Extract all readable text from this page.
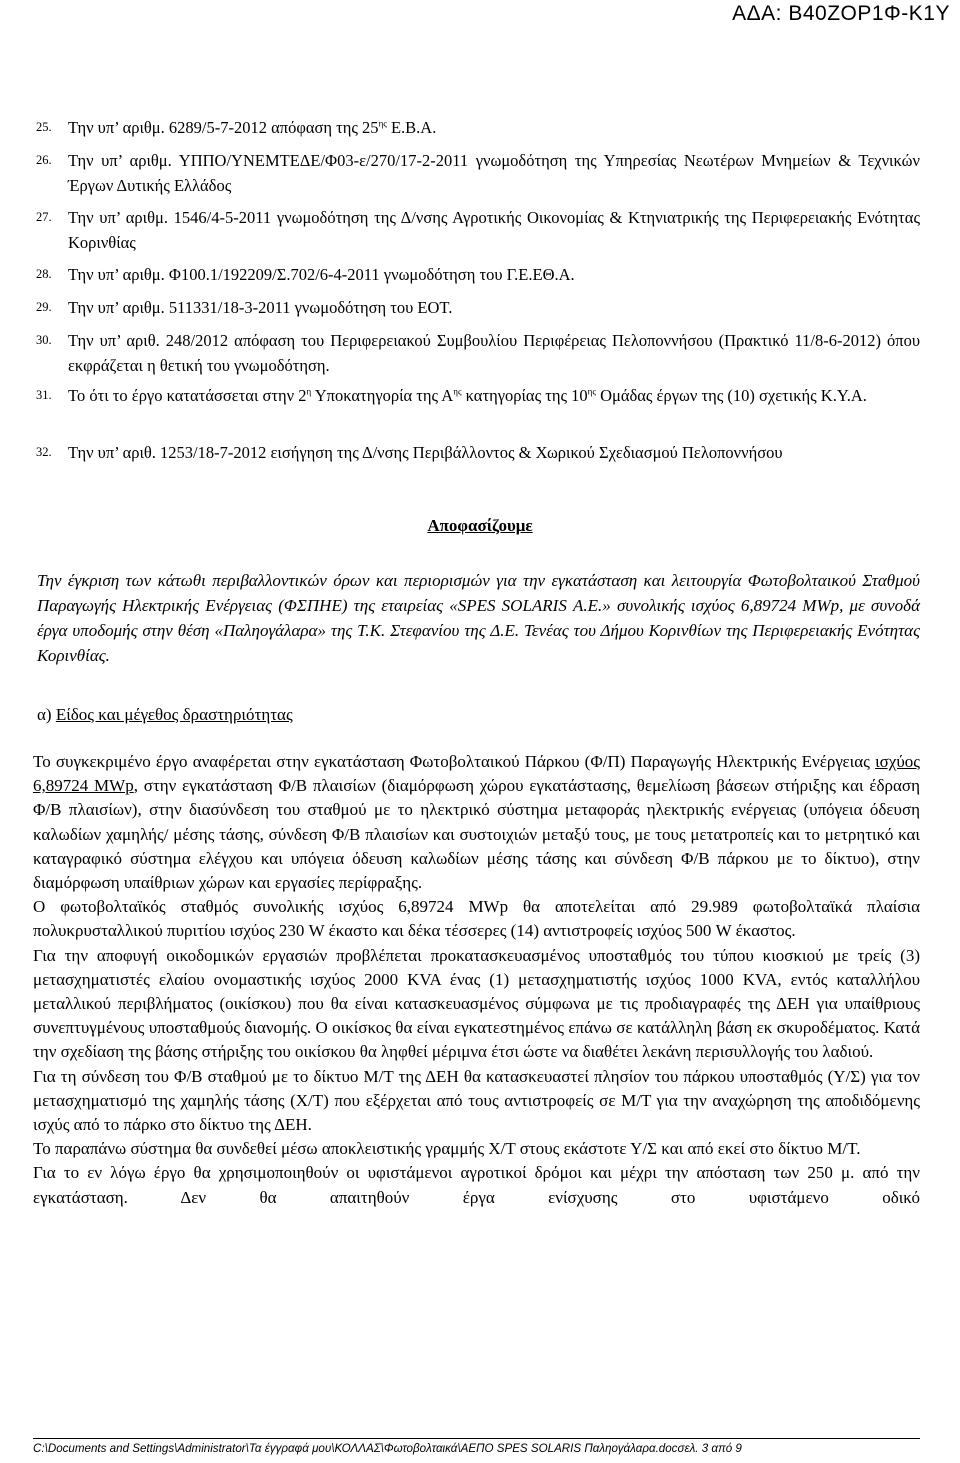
ΑΔΑ: Β40ΖΟΡ1Φ-Κ1Υ
25. Την υπ’ αριθμ. 6289/5-7-2012 απόφαση της $25^{\eta\varsigma}$ Ε.Β.Α.
26. Την υπ’ αριθμ. ΥΠΠΟ/ΥΝΕΜΤΕΔΕ/Φ03-ε/270/17-2-2011 γνωμοδότηση της Υπηρεσίας Νεωτέρων Μνημείων & Τεχνικών Έργων Δυτικής Ελλάδος
27. Την υπ’ αριθμ. 1546/4-5-2011 γνωμοδότηση της Δ/νσης Αγροτικής Οικονομίας & Κτηνιατρικής της Περιφερειακής Ενότητας Κορινθίας
28. Την υπ’ αριθμ. Φ100.1/192209/Σ.702/6-4-2011 γνωμοδότηση του Γ.Ε.ΕΘ.Α.
29. Την υπ’ αριθμ. 511331/18-3-2011 γνωμοδότηση του ΕΟΤ.
30. Την υπ’ αριθ. 248/2012 απόφαση του Περιφερειακού Συμβουλίου Περιφέρειας Πελοποννήσου (Πρακτικό 11/8-6-2012) όπου εκφράζεται η θετική του γνωμοδότηση.
31. Το ότι το έργο κατατάσσεται στην $2^\eta$ Υποκατηγορία της $A^{\eta\varsigma}$ κατηγορίας της $10^{\eta\varsigma}$ Ομάδας έργων της (10) σχετικής Κ.Υ.Α.
32. Την υπ’ αριθ. 1253/18-7-2012 εισήγηση της Δ/νσης Περιβάλλοντος & Χωρικού Σχεδιασμού Πελοποννήσου
Αποφασίζουμε
Την έγκριση των κάτωθι περιβαλλοντικών όρων και περιορισμών για την εγκατάσταση και λειτουργία Φωτοβολταικού Σταθμού Παραγωγής Ηλεκτρικής Ενέργειας (ΦΣΠΗΕ) της εταιρείας «SPES SOLARIS Α.Ε.» συνολικής ισχύος 6,89724 MWp, με συνοδά έργα υποδομής στην θέση «Παληογάλαρα» της Τ.Κ. Στεφανίου της Δ.Ε. Τενέας του Δήμου Κορινθίων της Περιφερειακής Ενότητας Κορινθίας.
α) Είδος και μέγεθος δραστηριότητας

Το συγκεκριμένο έργο αναφέρεται στην εγκατάσταση Φωτοβολταικού Πάρκου (Φ/Π) Παραγωγής Ηλεκτρικής Ενέργειας ισχύος 6,89724 MWp, στην εγκατάσταση Φ/Β πλαισίων (διαμόρφωση χώρου εγκατάστασης, θεμελίωση βάσεων στήριξης και έδραση Φ/Β πλαισίων), στην διασύνδεση του σταθμού με το ηλεκτρικό σύστημα μεταφοράς ηλεκτρικής ενέργειας (υπόγεια όδευση καλωδίων χαμηλής/ μέσης τάσης, σύνδεση Φ/Β πλαισίων και συστοιχιών μεταξύ τους, με τους μετατροπείς και το μετρητικό και καταγραφικό σύστημα ελέγχου και υπόγεια όδευση καλωδίων μέσης τάσης και σύνδεση Φ/Β πάρκου με το δίκτυο), στην διαμόρφωση υπαίθριων χώρων και εργασίες περίφραξης.

Ο φωτοβολταϊκός σταθμός συνολικής ισχύος 6,89724 MWp θα αποτελείται από 29.989 φωτοβολταϊκά πλαίσια πολυκρυσταλλικού πυριτίου ισχύος 230 W έκαστο και δέκα τέσσερες (14) αντιστροφείς ισχύος 500 W έκαστος.

Για την αποφυγή οικοδομικών εργασιών προβλέπεται προκατασκευασμένος υποσταθμός του τύπου κιοσκιού με τρείς (3) μετασχηματιστές ελαίου ονομαστικής ισχύος 2000 KVA ένας (1) μετασχηματιστής ισχύος 1000 KVA, εντός καταλλήλου μεταλλικού περιβλήματος (οικίσκου) που θα είναι κατασκευασμένος σύμφωνα με τις προδιαγραφές της ΔΕΗ για υπαίθριους συνεπτυγμένους υποσταθμούς διανομής. Ο οικίσκος θα είναι εγκατεστημένος επάνω σε κατάλληλη βάση εκ σκυροδέματος. Κατά την σχεδίαση της βάσης στήριξης του οικίσκου θα ληφθεί μέριμνα έτσι ώστε να διαθέτει λεκάνη περισυλλογής του λαδιού.

Για τη σύνδεση του Φ/Β σταθμού με το δίκτυο Μ/Τ της ΔΕΗ θα κατασκευαστεί πλησίον του πάρκου υποσταθμός (Υ/Σ) για τον μετασχηματισμό της χαμηλής τάσης (Χ/Τ) που εξέρχεται από τους αντιστροφείς σε Μ/Τ για την αναχώρηση της αποδιδόμενης ισχύς από το πάρκο στο δίκτυο της ΔΕΗ.

Το παραπάνω σύστημα θα συνδεθεί μέσω αποκλειστικής γραμμής Χ/Τ στους εκάστοτε Υ/Σ και από εκεί στο δίκτυο Μ/Τ.

Για το εν λόγω έργο θα χρησιμοποιηθούν οι υφιστάμενοι αγροτικοί δρόμοι και μέχρι την απόσταση των 250 μ. από την εγκατάσταση. Δεν θα απαιτηθούν έργα ενίσχυσης στο υφιστάμενο οδικό

C:\Documents and Settings\Administrator\Τα έγγραφά μου\ΚΟΛΛΑΣ\Φωτοβολταικά\ΑΕΠΟ SPES SOLARIS Παληογάλαρα.docσελ. 3 από 9
